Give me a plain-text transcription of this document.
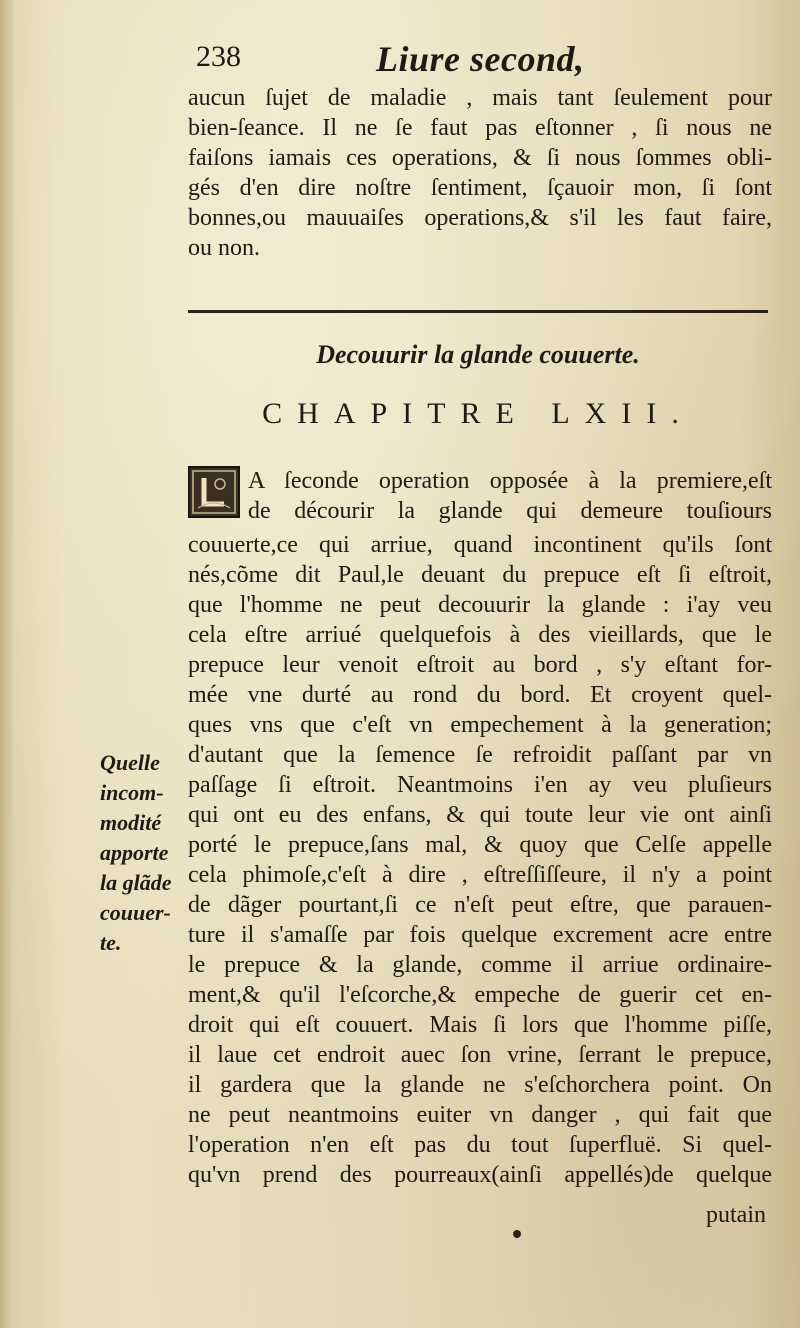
238	Liure second,
aucun ſujet de maladie , mais tant ſeulement pour
bien-ſeance. Il ne ſe faut pas eſtonner , ſi nous ne
faiſons iamais ces operations, & ſi nous ſommes obli-
gés d'en dire noſtre ſentiment, ſçauoir mon, ſi ſont
bonnes,ou mauuaiſes operations,& s'il les faut faire,
ou non.
Decouurir la glande couuerte.
CHAPITRE LXII.
A ſeconde operation opposée à la premiere,eſt
de décourir la glande qui demeure touſiours
couuerte,ce qui arriue, quand incontinent qu'ils ſont
nés,cõme dit Paul,le deuant du prepuce eſt ſi eſtroit,
que l'homme ne peut decouurir la glande : i'ay veu
cela eſtre arriué quelquefois à des vieillards, que le
prepuce leur venoit eſtroit au bord , s'y eſtant for-
mée vne durté au rond du bord. Et croyent quel-
ques vns que c'eſt vn empechement à la generation;
d'autant que la ſemence ſe refroidit paſſant par vn
paſſage ſi eſtroit. Neantmoins i'en ay veu pluſieurs
qui ont eu des enfans, & qui toute leur vie ont ainſi
porté le prepuce,ſans mal, & quoy que Celſe appelle
cela phimoſe,c'eſt à dire , eſtreſſiſſeure, il n'y a point
de dãger pourtant,ſi ce n'eſt peut eſtre, que parauen-
ture il s'amaſſe par fois quelque excrement acre entre
le prepuce & la glande, comme il arriue ordinaire-
ment,& qu'il l'eſcorche,& empeche de guerir cet en-
droit qui eſt couuert. Mais ſi lors que l'homme piſſe,
il laue cet endroit auec ſon vrine, ſerrant le prepuce,
il gardera que la glande ne s'eſchorchera point. On
ne peut neantmoins euiter vn danger , qui fait que
l'operation n'en eſt pas du tout ſuperfluë. Si quel-
qu'vn prend des pourreaux(ainſi appellés)de quelque
Quelle
incom-
modité
apporte
la glãde
couuer-
te.
putain
